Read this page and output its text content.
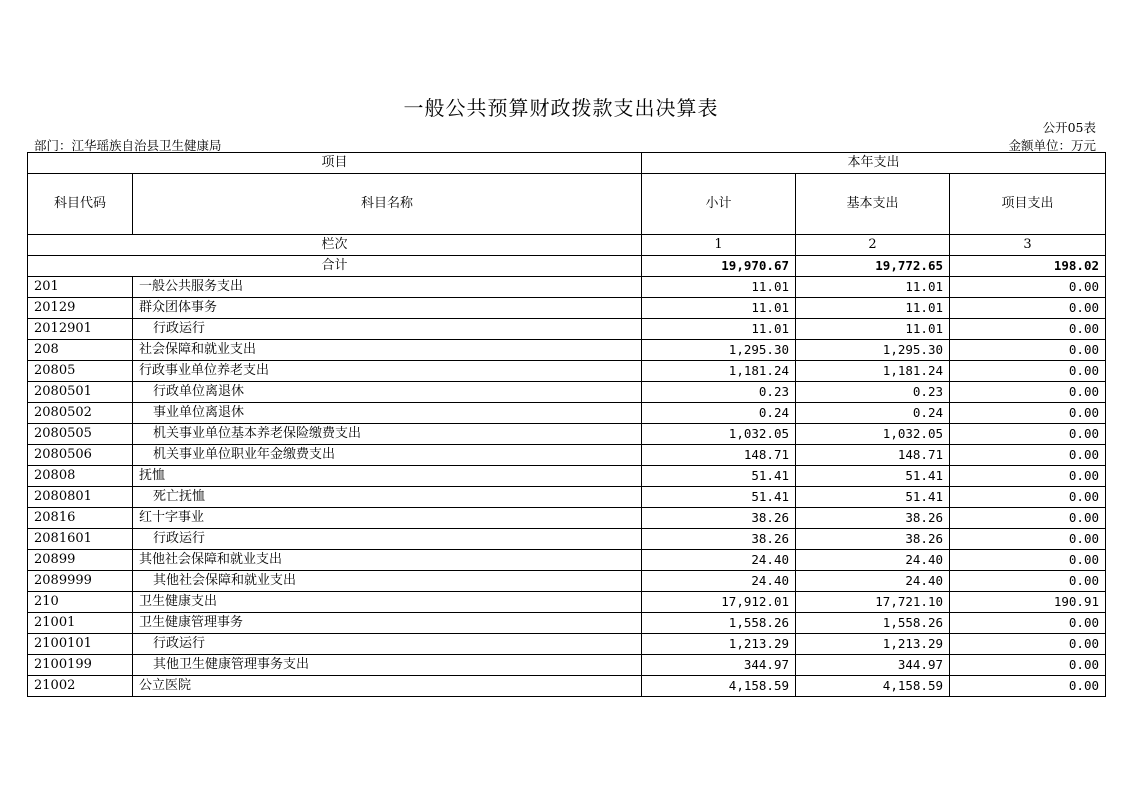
一般公共预算财政拨款支出决算表
公开05表
部门：江华瑶族自治县卫生健康局	金额单位：万元
项目		本年支出		
科目代码	科目名称	小计	基本支出	项目支出
栏次		1	2	3
合计		19,970.67	19,772.65	198.02
201	一般公共服务支出	11.01	11.01	0.00
20129	群众团体事务	11.01	11.01	0.00
2012901	行政运行	11.01	11.01	0.00
208	社会保障和就业支出	1,295.30	1,295.30	0.00
20805	行政事业单位养老支出	1,181.24	1,181.24	0.00
2080501	行政单位离退休	0.23	0.23	0.00
2080502	事业单位离退休	0.24	0.24	0.00
2080505	机关事业单位基本养老保险缴费支出	1,032.05	1,032.05	0.00
2080506	机关事业单位职业年金缴费支出	148.71	148.71	0.00
20808	抚恤	51.41	51.41	0.00
2080801	死亡抚恤	51.41	51.41	0.00
20816	红十字事业	38.26	38.26	0.00
2081601	行政运行	38.26	38.26	0.00
20899	其他社会保障和就业支出	24.40	24.40	0.00
2089999	其他社会保障和就业支出	24.40	24.40	0.00
210	卫生健康支出	17,912.01	17,721.10	190.91
21001	卫生健康管理事务	1,558.26	1,558.26	0.00
2100101	行政运行	1,213.29	1,213.29	0.00
2100199	其他卫生健康管理事务支出	344.97	344.97	0.00
21002	公立医院	4,158.59	4,158.59	0.00
